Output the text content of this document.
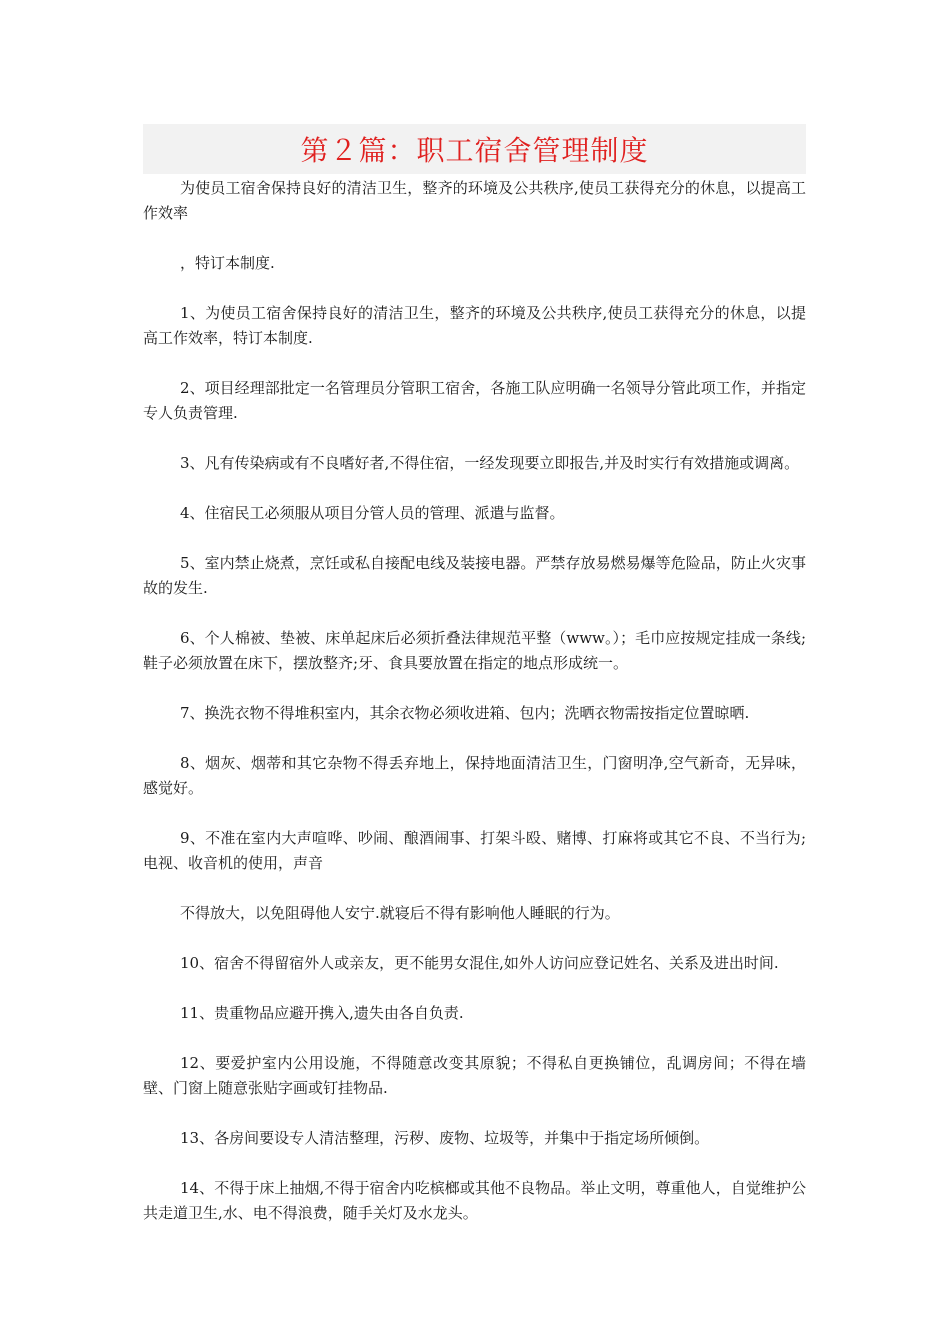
第２篇：职工宿舍管理制度

为使员工宿舍保持良好的清洁卫生，整齐的环境及公共秩序,使员工获得充分的休息，以提高工作效率

，特订本制度.

1、为使员工宿舍保持良好的清洁卫生，整齐的环境及公共秩序,使员工获得充分的休息，以提高工作效率，特订本制度.

2、项目经理部批定一名管理员分管职工宿舍，各施工队应明确一名领导分管此项工作，并指定专人负责管理.

3、凡有传染病或有不良嗜好者,不得住宿，一经发现要立即报告,并及时实行有效措施或调离。

4、住宿民工必须服从项目分管人员的管理、派遣与监督。

5、室内禁止烧煮，烹饪或私自接配电线及装接电器。严禁存放易燃易爆等危险品，防止火灾事故的发生.

6、个人棉被、垫被、床单起床后必须折叠法律规范平整（www。）；毛巾应按规定挂成一条线;鞋子必须放置在床下，摆放整齐;牙、食具要放置在指定的地点形成统一。

7、换洗衣物不得堆积室内，其余衣物必须收进箱、包内；洗晒衣物需按指定位置晾晒.

8、烟灰、烟蒂和其它杂物不得丢弃地上，保持地面清洁卫生，门窗明净,空气新奇，无异味，感觉好。

9、不准在室内大声喧哗、吵闹、酿酒闹事、打架斗殴、赌博、打麻将或其它不良、不当行为;电视、收音机的使用，声音

不得放大，以免阻碍他人安宁.就寝后不得有影响他人睡眠的行为。

10、宿舍不得留宿外人或亲友，更不能男女混住,如外人访问应登记姓名、关系及进出时间.

11、贵重物品应避开携入,遗失由各自负责.

12、要爱护室内公用设施，不得随意改变其原貌；不得私自更换铺位，乱调房间；不得在墙壁、门窗上随意张贴字画或钉挂物品.

13、各房间要设专人清洁整理，污秽、废物、垃圾等，并集中于指定场所倾倒。

14、不得于床上抽烟,不得于宿舍内吃槟榔或其他不良物品。举止文明，尊重他人，自觉维护公共走道卫生,水、电不得浪费，随手关灯及水龙头。
